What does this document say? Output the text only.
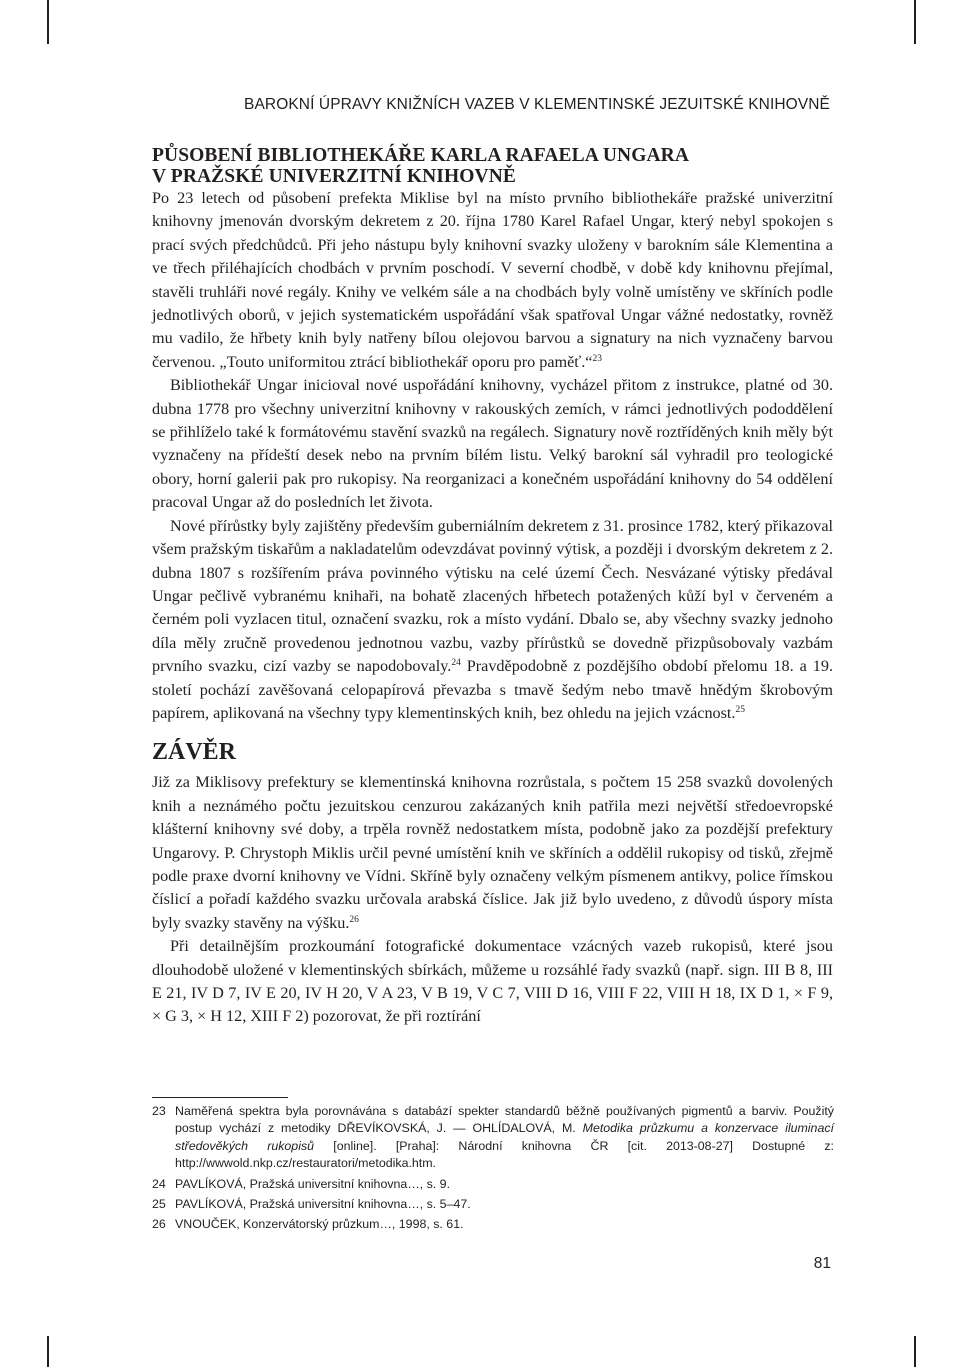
BAROKNÍ ÚPRAVY KNIŽNÍCH VAZEB V KLEMENTINSKÉ JEZUITSKÉ KNIHOVNĚ
PŮSOBENÍ BIBLIOTHEKÁŘE KARLA RAFAELA UNGARA
V PRAŽSKÉ UNIVERZITNÍ KNIHOVNĚ

Po 23 letech od působení prefekta Miklise byl na místo prvního bibliothekáře pražské univerzitní knihovny jmenován dvorským dekretem z 20. října 1780 Karel Rafael Ungar, který nebyl spokojen s prací svých předchůdců. Při jeho nástupu byly knihovní svazky uloženy v barokním sále Klementina a ve třech přiléhajících chodbách v prvním poschodí. V severní chodbě, v době kdy knihovnu přejímal, stavěli truhláři nové regály. Knihy ve velkém sále a na chodbách byly volně umístěny ve skříních podle jednotlivých oborů, v jejich systematickém uspořádání však spatřoval Ungar vážné nedostatky, rovněž mu vadilo, že hřbety knih byly natřeny bílou olejovou barvou a signatury na nich vyznačeny barvou červenou. „Touto uniformitou ztrácí bibliothekář oporu pro paměť.“$^{23}$

Bibliothekář Ungar inicioval nové uspořádání knihovny, vycházel přitom z instrukce, platné od 30. dubna 1778 pro všechny univerzitní knihovny v rakouských zemích, v rámci jednotlivých pododdělení se přihlíželo také k formátovému stavění svazků na regálech. Signatury nově roztříděných knih měly být vyznačeny na přídeští desek nebo na prvním bílém listu. Velký barokní sál vyhradil pro teologické obory, horní galerii pak pro rukopisy. Na reorganizaci a konečném uspořádání knihovny do 54 oddělení pracoval Ungar až do posledních let života.

Nové přírůstky byly zajištěny především guberniálním dekretem z 31. prosince 1782, který přikazoval všem pražským tiskařům a nakladatelům odevzdávat povinný výtisk, a později i dvorským dekretem z 2. dubna 1807 s rozšířením práva povinného výtisku na celé území Čech. Nesvázané výtisky předával Ungar pečlivě vybranému knihaři, na bohatě zlacených hřbetech potažených kůží byl v červeném a černém poli vyzlacen titul, označení svazku, rok a místo vydání. Dbalo se, aby všechny svazky jednoho díla měly zručně provedenou jednotnou vazbu, vazby přírůstků se dovedně přizpůsobovaly vazbám prvního svazku, cizí vazby se napodobovaly.$^{24}$ Pravděpodobně z pozdějšího období přelomu 18. a 19. století pochází zavěšovaná celopapírová převazba s tmavě šedým nebo tmavě hnědým škrobovým papírem, aplikovaná na všechny typy klementinských knih, bez ohledu na jejich vzácnost.$^{25}$

ZÁVĚR

Již za Miklisovy prefektury se klementinská knihovna rozrůstala, s počtem 15 258 svazků dovolených knih a neznámého počtu jezuitskou cenzurou zakázaných knih patřila mezi největší středoevropské klášterní knihovny své doby, a trpěla rovněž nedostatkem místa, podobně jako za pozdější prefektury Ungarovy. P. Chrystoph Miklis určil pevné umístění knih ve skříních a oddělil rukopisy od tisků, zřejmě podle praxe dvorní knihovny ve Vídni. Skříně byly označeny velkým písmenem antikvy, police římskou číslicí a pořadí každého svazku určovala arabská číslice. Jak již bylo uvedeno, z důvodů úspory místa byly svazky stavěny na výšku.$^{26}$

Při detailnějším prozkoumání fotografické dokumentace vzácných vazeb rukopisů, které jsou dlouhodobě uložené v klementinských sbírkách, můžeme u rozsáhlé řady svazků (např. sign. III B 8, III E 21, IV D 7, IV E 20, IV H 20, V A 23, V B 19, V C 7, VIII D 16, VIII F 22, VIII H 18, IX D 1, × F 9, × G 3, × H 12, XIII F 2) pozorovat, že při roztírání

23 Naměřená spektra byla porovnávána s databází spekter standardů běžně používaných pigmentů a barviv. Použitý postup vychází z metodiky DŘEVÍKOVSKÁ, J. — OHLÍDALOVÁ, M. Metodika průzkumu a konzervace iluminací středověkých rukopisů [online]. [Praha]: Národní knihovna ČR [cit. 2013-08-27] Dostupné z: http://wwwold.nkp.cz/restauratori/metodika.htm.
24 PAVLÍKOVÁ, Pražská universitní knihovna…, s. 9.
25 PAVLÍKOVÁ, Pražská universitní knihovna…, s. 5–47.
26 VNOUČEK, Konzervátorský průzkum…, 1998, s. 61.
81
